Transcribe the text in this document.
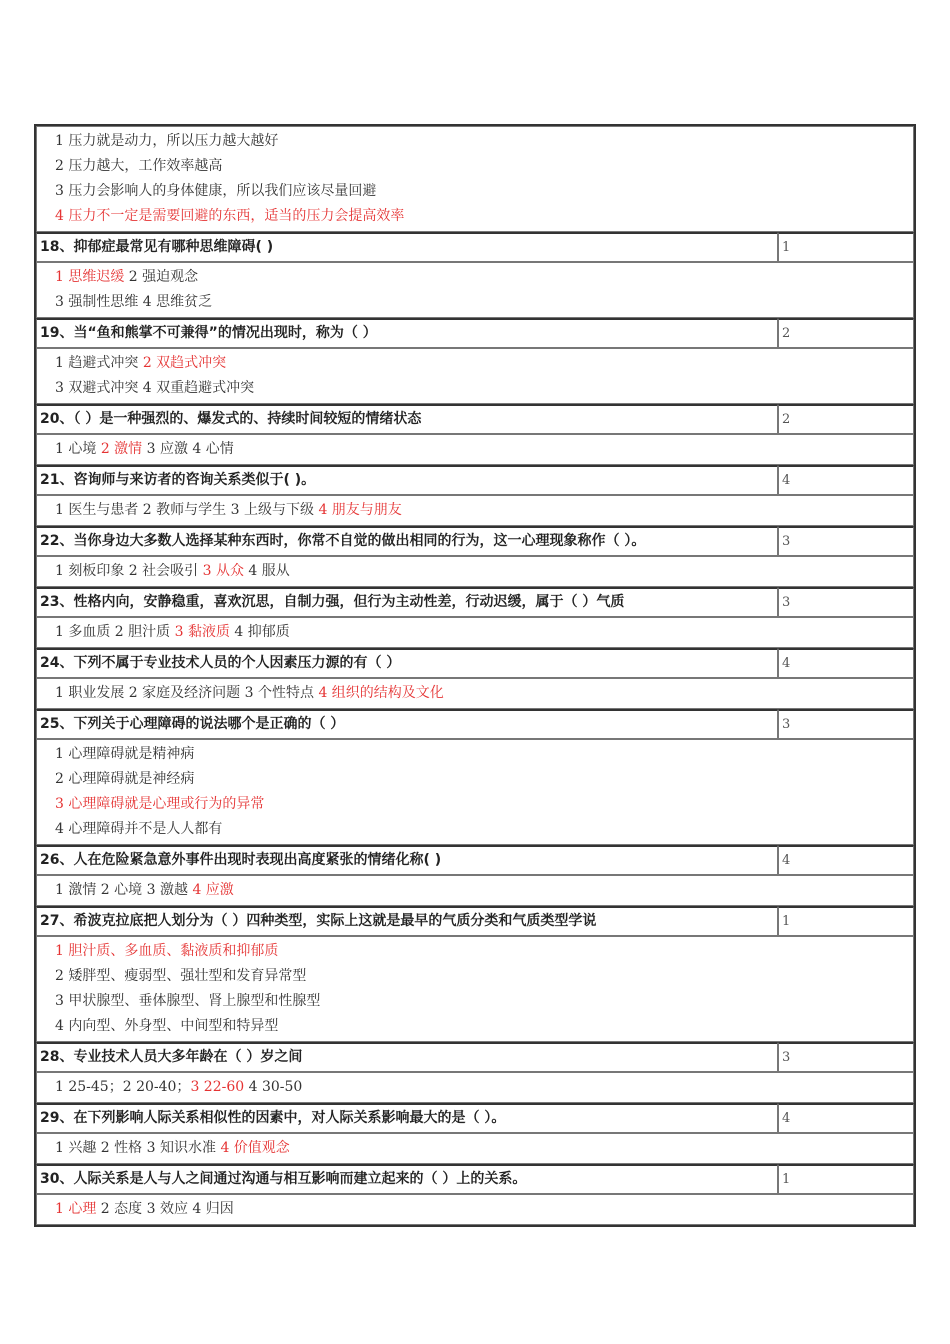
1 压力就是动力，所以压力越大越好
2 压力越大，工作效率越高
3 压力会影响人的身体健康，所以我们应该尽量回避
4 压力不一定是需要回避的东西，适当的压力会提高效率	

18、抑郁症最常见有哪种思维障碍( )	1

1 思维迟缓 2 强迫观念
3 强制性思维 4 思维贫乏	

19、当“鱼和熊掌不可兼得”的情况出现时，称为（ ）	2

1 趋避式冲突 2 双趋式冲突
3 双避式冲突 4 双重趋避式冲突	

20、（ ）是一种强烈的、爆发式的、持续时间较短的情绪状态	2

1 心境 2 激情 3 应激 4 心情	

21、咨询师与来访者的咨询关系类似于( )。	4

1 医生与患者 2 教师与学生 3 上级与下级 4 朋友与朋友	

22、当你身边大多数人选择某种东西时，你常不自觉的做出相同的行为，这一心理现象称作（ ）。	3

1 刻板印象 2 社会吸引 3 从众 4 服从	

23、性格内向，安静稳重，喜欢沉思，自制力强，但行为主动性差，行动迟缓，属于（ ）气质	3

1 多血质 2 胆汁质 3 黏液质 4 抑郁质	

24、下列不属于专业技术人员的个人因素压力源的有（ ）	4

1 职业发展 2 家庭及经济问题 3 个性特点 4 组织的结构及文化	

25、下列关于心理障碍的说法哪个是正确的（ ）	3

1 心理障碍就是精神病
2 心理障碍就是神经病
3 心理障碍就是心理或行为的异常
4 心理障碍并不是人人都有	

26、人在危险紧急意外事件出现时表现出高度紧张的情绪化称( )	4

1 激情 2 心境 3 激越 4 应激	

27、希波克拉底把人划分为（ ）四种类型，实际上这就是最早的气质分类和气质类型学说	1

1 胆汁质、多血质、黏液质和抑郁质
2 矮胖型、瘦弱型、强壮型和发育异常型
3 甲状腺型、垂体腺型、肾上腺型和性腺型
4 内向型、外身型、中间型和特异型	

28、专业技术人员大多年龄在（ ）岁之间	3

1 25-45；2 20-40；3 22-60 4 30-50	

29、在下列影响人际关系相似性的因素中，对人际关系影响最大的是（ ）。	4

1 兴趣 2 性格 3 知识水准 4 价值观念	

30、人际关系是人与人之间通过沟通与相互影响而建立起来的（ ）上的关系。	1

1 心理 2 态度 3 效应 4 归因	
